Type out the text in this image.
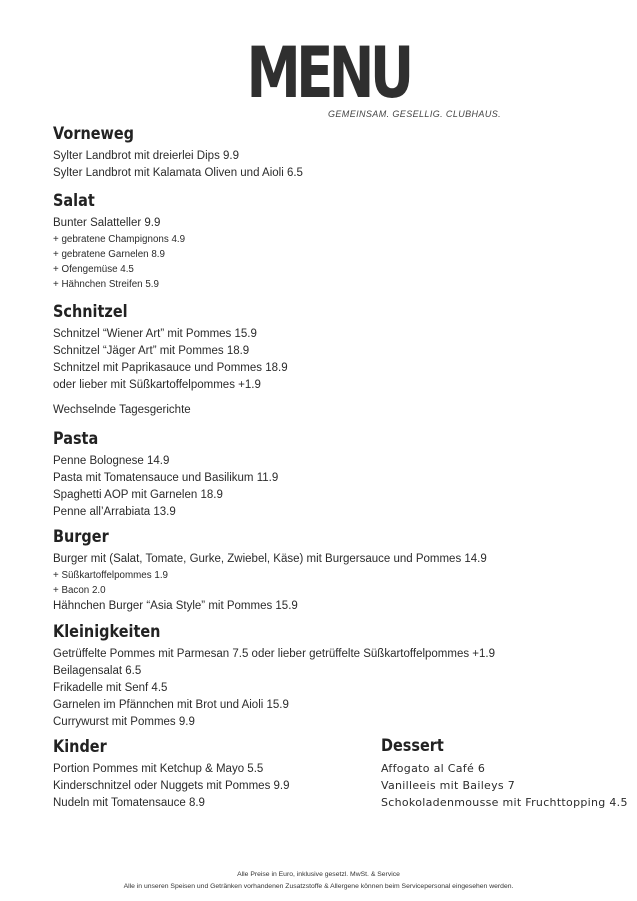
MENU
GEMEINSAM. GESELLIG. CLUBHAUS.
Vorneweg
Sylter Landbrot mit dreierlei Dips 9.9
Sylter Landbrot mit Kalamata Oliven und Aioli 6.5
Salat
Bunter Salatteller 9.9
+ gebratene Champignons 4.9
+ gebratene Garnelen 8.9
+ Ofengemüse 4.5
+ Hähnchen Streifen 5.9
Schnitzel
Schnitzel “Wiener Art” mit Pommes 15.9
Schnitzel “Jäger Art” mit Pommes 18.9
Schnitzel mit Paprikasauce und Pommes 18.9
oder lieber mit Süßkartoffelpommes +1.9
Wechselnde Tagesgerichte
Pasta
Penne Bolognese 14.9
Pasta mit Tomatensauce und Basilikum 11.9
Spaghetti AOP mit Garnelen 18.9
Penne all’Arrabiata 13.9
Burger
Burger mit (Salat, Tomate, Gurke, Zwiebel, Käse) mit Burgersauce und Pommes 14.9
+ Süßkartoffelpommes 1.9
+ Bacon 2.0
Hähnchen Burger “Asia Style” mit Pommes 15.9
Kleinigkeiten
Getrüffelte Pommes mit Parmesan 7.5 oder lieber getrüffelte Süßkartoffelpommes +1.9
Beilagensalat 6.5
Frikadelle mit Senf 4.5
Garnelen im Pfännchen mit Brot und Aioli 15.9
Currywurst mit Pommes 9.9
Kinder
Portion Pommes mit Ketchup & Mayo 5.5
Kinderschnitzel oder Nuggets mit Pommes 9.9
Nudeln mit Tomatensauce 8.9
Dessert
Affogato al Café 6
Vanilleeis mit Baileys 7
Schokoladenmousse mit Fruchttopping 4.5
Alle Preise in Euro, inklusive gesetzl. MwSt. & Service
Alle in unseren Speisen und Getränken vorhandenen Zusatzstoffe & Allergene können beim Servicepersonal eingesehen werden.
